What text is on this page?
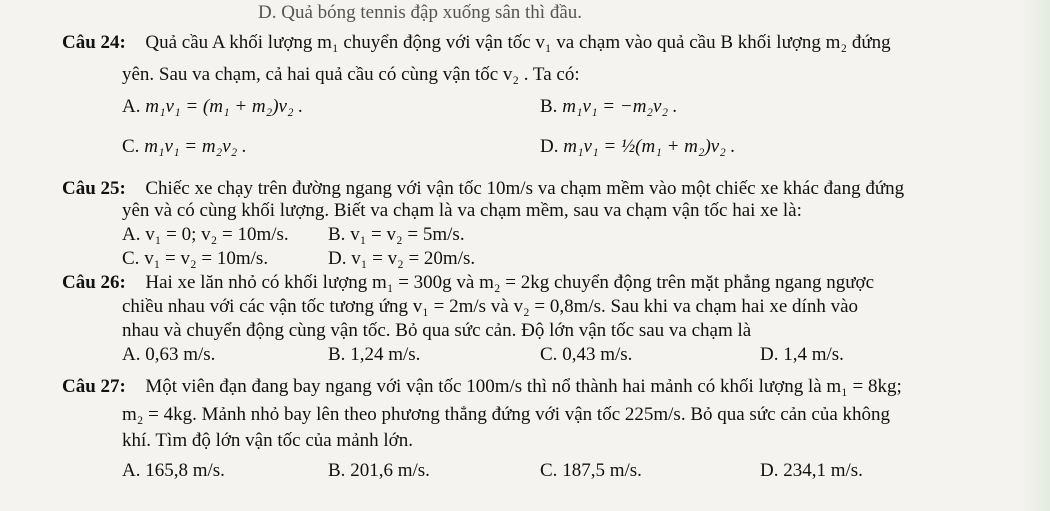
D. Quả bóng tennis đập xuống sân thì đầu.
Câu 24: Quả cầu A khối lượng m₁ chuyển động với vận tốc v₁ va chạm vào quả cầu B khối lượng m₂ đứng
yên. Sau va chạm, cả hai quả cầu có cùng vận tốc v₂ . Ta có:
A. m₁v₁ = (m₁ + m₂)v₂ .	B. m₁v₁ = −m₂v₂ .
C. m₁v₁ = m₂v₂ .	D. m₁v₁ = ½(m₁ + m₂)v₂ .
Câu 25: Chiếc xe chạy trên đường ngang với vận tốc 10m/s va chạm mềm vào một chiếc xe khác đang đứng
yên và có cùng khối lượng. Biết va chạm là va chạm mềm, sau va chạm vận tốc hai xe là:
A. v₁ = 0; v₂ = 10m/s. B. v₁ = v₂ = 5m/s.
C. v₁ = v₂ = 10m/s.	D. v₁ = v₂ = 20m/s.
Câu 26: Hai xe lăn nhỏ có khối lượng m₁ = 300g và m₂ = 2kg chuyển động trên mặt phẳng ngang ngược
chiều nhau với các vận tốc tương ứng v₁ = 2m/s và v₂ = 0,8m/s. Sau khi va chạm hai xe dính vào
nhau và chuyển động cùng vận tốc. Bỏ qua sức cản. Độ lớn vận tốc sau va chạm là
A. 0,63 m/s.	B. 1,24 m/s.	C. 0,43 m/s.	D. 1,4 m/s.
Câu 27: Một viên đạn đang bay ngang với vận tốc 100m/s thì nổ thành hai mảnh có khối lượng là m₁ = 8kg;
m₂ = 4kg. Mảnh nhỏ bay lên theo phương thẳng đứng với vận tốc 225m/s. Bỏ qua sức cản của không
khí. Tìm độ lớn vận tốc của mảnh lớn.
A. 165,8 m/s.	B. 201,6 m/s.	C. 187,5 m/s.	D. 234,1 m/s.
